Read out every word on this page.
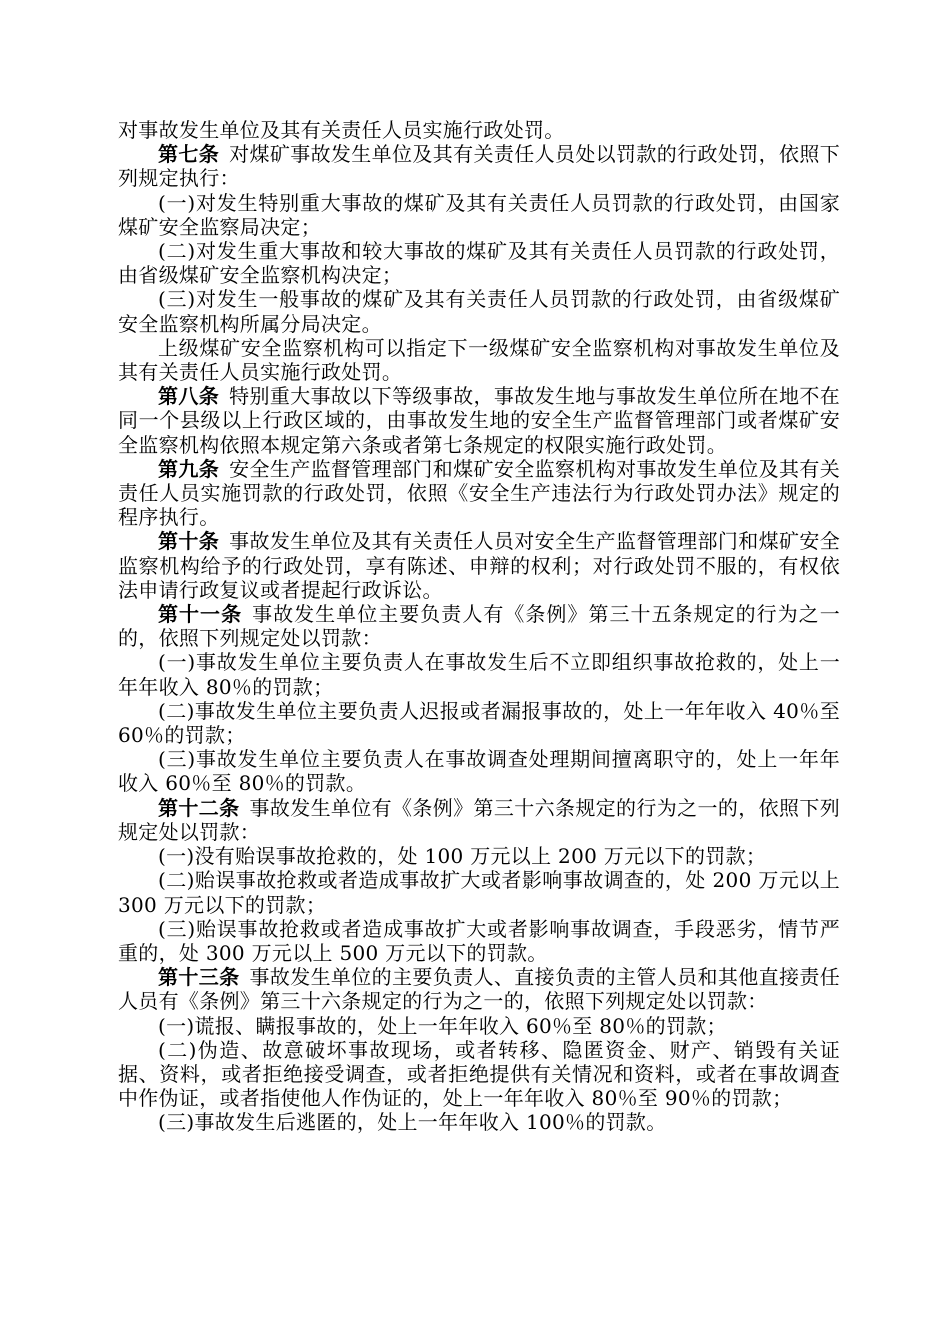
对事故发生单位及其有关责任人员实施行政处罚。

第七条 对煤矿事故发生单位及其有关责任人员处以罚款的行政处罚，依照下列规定执行：

(一)对发生特别重大事故的煤矿及其有关责任人员罚款的行政处罚，由国家煤矿安全监察局决定；

(二)对发生重大事故和较大事故的煤矿及其有关责任人员罚款的行政处罚，由省级煤矿安全监察机构决定；

(三)对发生一般事故的煤矿及其有关责任人员罚款的行政处罚，由省级煤矿安全监察机构所属分局决定。

上级煤矿安全监察机构可以指定下一级煤矿安全监察机构对事故发生单位及其有关责任人员实施行政处罚。

第八条 特别重大事故以下等级事故，事故发生地与事故发生单位所在地不在同一个县级以上行政区域的，由事故发生地的安全生产监督管理部门或者煤矿安全监察机构依照本规定第六条或者第七条规定的权限实施行政处罚。

第九条 安全生产监督管理部门和煤矿安全监察机构对事故发生单位及其有关责任人员实施罚款的行政处罚，依照《安全生产违法行为行政处罚办法》规定的程序执行。

第十条 事故发生单位及其有关责任人员对安全生产监督管理部门和煤矿安全监察机构给予的行政处罚，享有陈述、申辩的权利；对行政处罚不服的，有权依法申请行政复议或者提起行政诉讼。

第十一条 事故发生单位主要负责人有《条例》第三十五条规定的行为之一的，依照下列规定处以罚款：

(一)事故发生单位主要负责人在事故发生后不立即组织事故抢救的，处上一年年收入 80％的罚款；

(二)事故发生单位主要负责人迟报或者漏报事故的，处上一年年收入 40％至 60％的罚款；

(三)事故发生单位主要负责人在事故调查处理期间擅离职守的，处上一年年收入 60％至 80％的罚款。

第十二条 事故发生单位有《条例》第三十六条规定的行为之一的，依照下列规定处以罚款：

(一)没有贻误事故抢救的，处 100 万元以上 200 万元以下的罚款；

(二)贻误事故抢救或者造成事故扩大或者影响事故调查的，处 200 万元以上 300 万元以下的罚款；

(三)贻误事故抢救或者造成事故扩大或者影响事故调查，手段恶劣，情节严重的，处 300 万元以上 500 万元以下的罚款。

第十三条 事故发生单位的主要负责人、直接负责的主管人员和其他直接责任人员有《条例》第三十六条规定的行为之一的，依照下列规定处以罚款：

(一)谎报、瞒报事故的，处上一年年收入 60％至 80％的罚款；

(二)伪造、故意破坏事故现场，或者转移、隐匿资金、财产、销毁有关证据、资料，或者拒绝接受调查，或者拒绝提供有关情况和资料，或者在事故调查中作伪证，或者指使他人作伪证的，处上一年年收入 80％至 90％的罚款；

(三)事故发生后逃匿的，处上一年年收入 100％的罚款。
